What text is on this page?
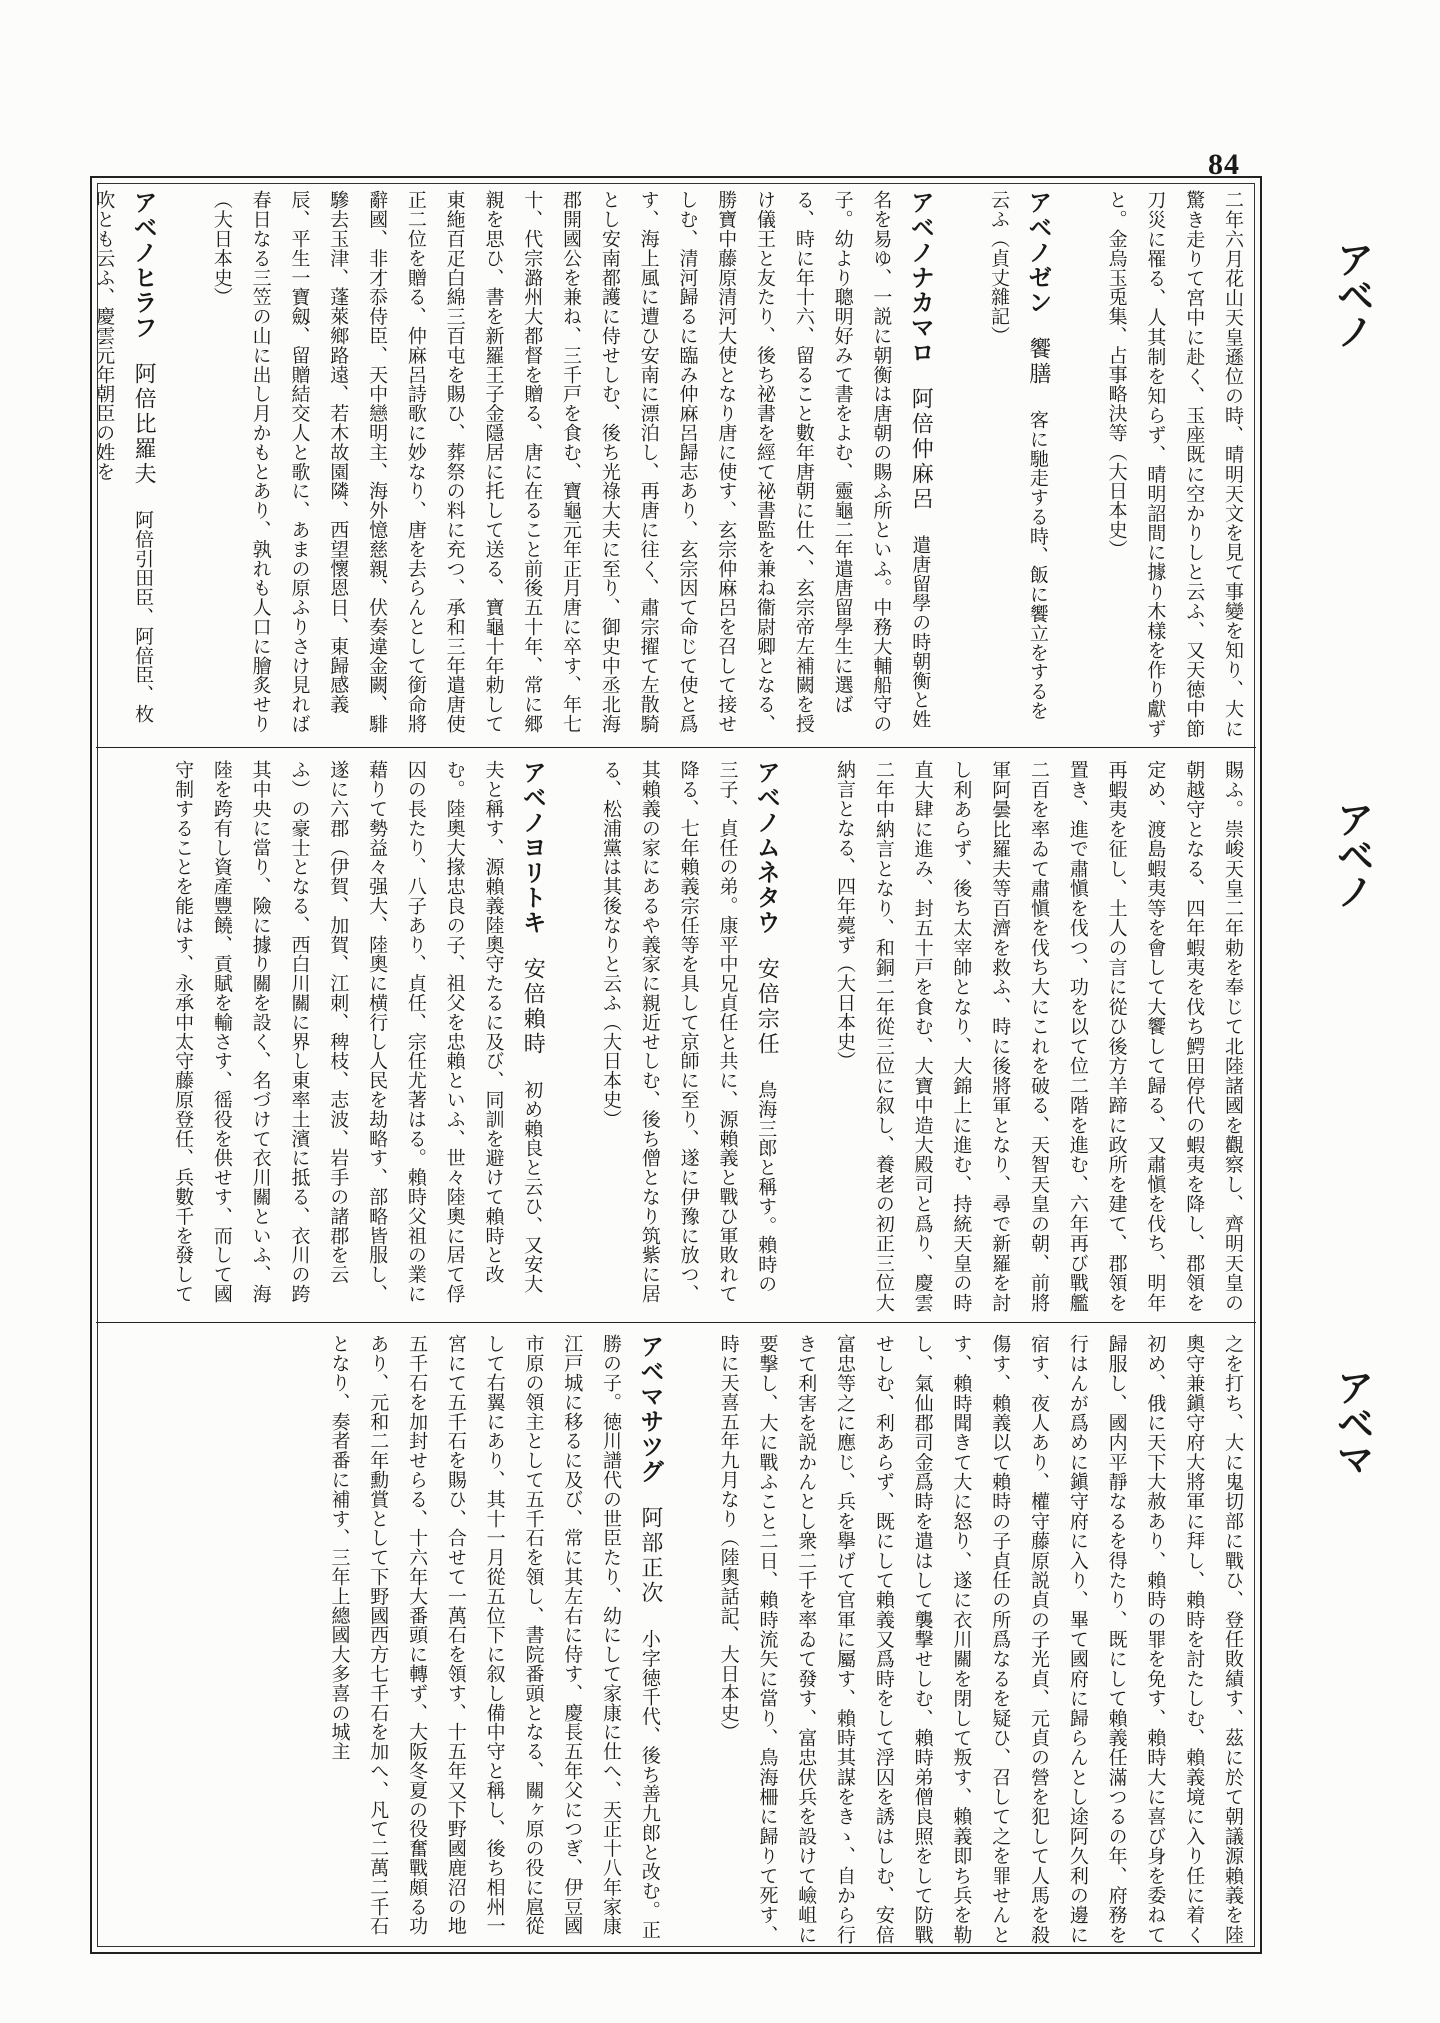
84
アベノ
アベノ
アベマ
二年六月花山天皇遜位の時、晴明天文を見て事變を知り、大に驚き走りて宮中に赴く、玉座既に空かりしと云ふ、又天徳中節刀災に罹る、人其制を知らず、晴明詔間に據り木樣を作り獻ずと。金烏玉兎集、占事略決等（大日本史）
アベノゼン 饗膳 客に馳走する時、飯に饗立をするを云ふ（貞丈雜記）
アベノナカマロ 阿倍仲麻呂 遣唐留學の時朝衡と姓名を易ゆ、一説に朝衡は唐朝の賜ふ所といふ。中務大輔船守の子。幼より聰明好みて書をよむ、靈龜二年遣唐留學生に選ばる、時に年十六、留ること數年唐朝に仕へ、玄宗帝左補闕を授け儀王と友たり、後ち祕書を經て祕書監を兼ね衞尉卿となる、勝寶中藤原清河大使となり唐に使す、玄宗仲麻呂を召して接せしむ、清河歸るに臨み仲麻呂歸志あり、玄宗因て命じて使と爲す、海上風に遭ひ安南に漂泊し、再唐に往く、肅宗擢て左散騎とし安南都護に侍せしむ、後ち光祿大夫に至り、御史中丞北海郡開國公を兼ね、三千戸を食む、寶龜元年正月唐に卒す、年七十、代宗潞州大都督を贈る、唐に在ること前後五十年、常に郷親を思ひ、書を新羅王子金隱居に托して送る、寶龜十年勅して東絁百疋白綿三百屯を賜ひ、葬祭の料に充つ、承和三年遣唐使正二位を贈る、仲麻呂詩歌に妙なり、唐を去らんとして銜命將辭國、非才忝侍臣、天中戀明主、海外憶慈親、伏奏違金闕、騑驂去玉津、蓬萊鄉路遠、若木故園隣、西望懷恩日、東歸感義辰、平生一寶劔、留贈結交人と歌に、あまの原ふりさけ見れば春日なる三笠の山に出し月かもとあり、孰れも人口に膾炙せり（大日本史）
アベノヒラフ 阿倍比羅夫 阿倍引田臣、阿倍臣、枚吹とも云ふ、慶雲元年朝臣の姓を
賜ふ。崇峻天皇二年勅を奉じて北陸諸國を觀察し、齊明天皇の朝越守となる、四年蝦夷を伐ち鰐田停代の蝦夷を降し、郡領を定め、渡島蝦夷等を會して大饗して歸る、又肅愼を伐ち、明年再蝦夷を征し、土人の言に從ひ後方羊蹄に政所を建て、郡領を置き、進で肅愼を伐つ、功を以て位二階を進む、六年再び戰艦二百を率ゐて肅愼を伐ち大にこれを破る、天智天皇の朝、前將軍阿曇比羅夫等百濟を救ふ、時に後將軍となり、尋で新羅を討し利あらず、後ち太宰帥となり、大錦上に進む、持統天皇の時直大肆に進み、封五十戸を食む、大寶中造大殿司と爲り、慶雲二年中納言となり、和銅二年從三位に叙し、養老の初正三位大納言となる、四年薨ず（大日本史）
アベノムネタウ 安倍宗任 鳥海三郎と稱す。賴時の三子、貞任の弟。康平中兄貞任と共に、源賴義と戰ひ軍敗れて降る、七年賴義宗任等を具して京師に至り、遂に伊豫に放つ、其賴義の家にあるや義家に親近せしむ、後ち僧となり筑紫に居る、松浦黨は其後なりと云ふ（大日本史）
アベノヨリトキ 安倍賴時 初め賴良と云ひ、又安大夫と稱す、源賴義陸奧守たるに及び、同訓を避けて賴時と改む。陸奧大掾忠良の子、祖父を忠賴といふ、世々陸奧に居て俘囚の長たり、八子あり、貞任、宗任尤著はる。賴時父祖の業に藉りて勢益々强大、陸奧に横行し人民を劫略す、部略皆服し、遂に六郡（伊賀、加賀、江刺、稗枝、志波、岩手の諸郡を云ふ）の豪士となる、西白川關に界し東率土濱に抵る、衣川の跨其中央に當り、險に據り關を設く、名づけて衣川關といふ、海陸を跨有し資產豐饒、貢賦を輸さす、徭役を供せす、而して國守制することを能はす、永承中太守藤原登任、兵數千を發して
之を打ち、大に鬼切部に戰ひ、登任敗績す、茲に於て朝議源賴義を陸奧守兼鎭守府大將軍に拜し、賴時を討たしむ、賴義境に入り任に着く初め、俄に天下大赦あり、賴時の罪を免す、賴時大に喜び身を委ねて歸服し、國内平靜なるを得たり、既にして賴義任滿つるの年、府務を行はんが爲めに鎭守府に入り、畢て國府に歸らんとし途阿久利の邊に宿す、夜人あり、權守藤原説貞の子光貞、元貞の營を犯して人馬を殺傷す、賴義以て賴時の子貞任の所爲なるを疑ひ、召して之を罪せんとす、賴時聞きて大に怒り、遂に衣川關を閉して叛す、賴義即ち兵を勒し、氣仙郡司金爲時を遣はして襲撃せしむ、賴時弟僧良照をして防戰せしむ、利あらず、既にして賴義又爲時をして浮囚を誘はしむ、安倍富忠等之に應じ、兵を擧げて官軍に屬す、賴時其謀をきゝ、自から行きて利害を説かんとし衆二千を率ゐて發す、富忠伏兵を設けて嶮岨に要撃し、大に戰ふこと二日、賴時流矢に當り、鳥海柵に歸りて死す、時に天喜五年九月なり（陸奧話記、大日本史）
アベマサツグ 阿部正次 小字徳千代、後ち善九郎と改む。正勝の子。徳川譜代の世臣たり、幼にして家康に仕へ、天正十八年家康江戸城に移るに及び、常に其左右に侍す、慶長五年父につぎ、伊豆國市原の領主として五千石を領し、書院番頭となる、關ヶ原の役に扈從して右翼にあり、其十一月從五位下に叙し備中守と稱し、後ち相州一宮にて五千石を賜ひ、合せて一萬石を領す、十五年又下野國鹿沼の地五千石を加封せらる、十六年大番頭に轉ず、大阪冬夏の役奮戰頗る功あり、元和二年勳賞として下野國西方七千石を加へ、凡て二萬二千石となり、奏者番に補す、三年上總國大多喜の城主
